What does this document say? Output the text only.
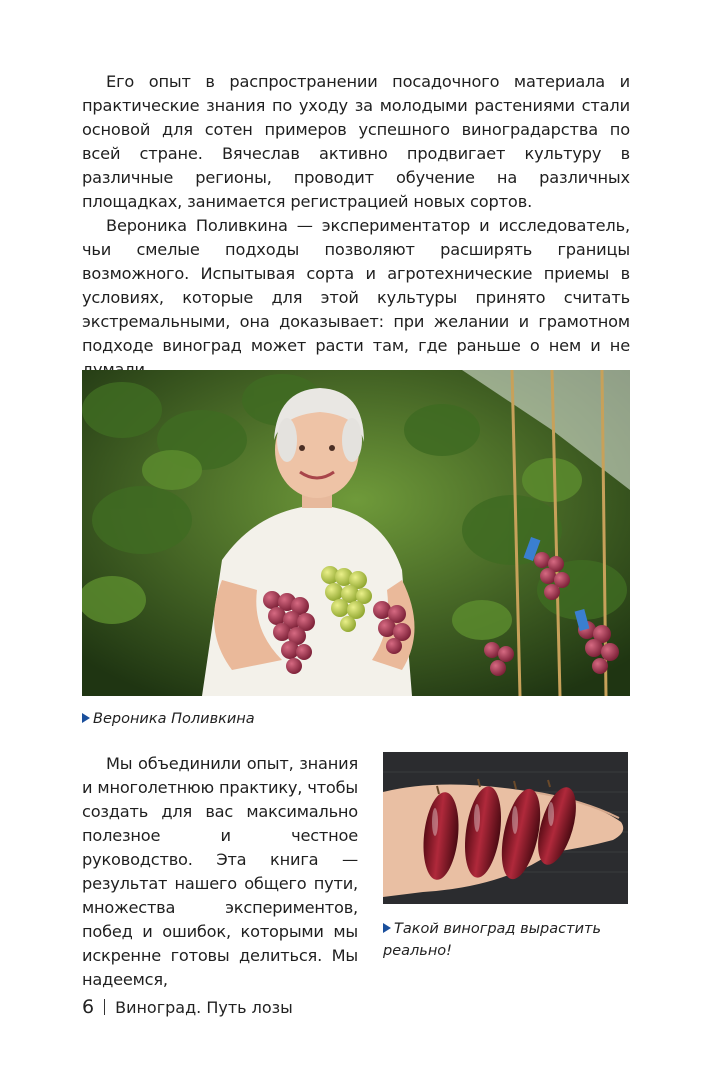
Его опыт в распространении посадочного материала и практические знания по уходу за молодыми растениями стали основой для сотен примеров успешного виноградарства по всей стране. Вячеслав активно продвигает культуру в различные регионы, проводит обучение на различных площадках, занимается регистрацией новых сортов.

Вероника Поливкина — экспериментатор и исследователь, чьи смелые подходы позволяют расширять границы возможного. Испытывая сорта и агротехнические приемы в условиях, которые для этой культуры принято считать экстремальными, она доказывает: при желании и грамотном подходе виноград может расти там, где раньше о нем и не

Вероника Поливкина

Мы объединили опыт, знания и многолетнюю практику, чтобы создать для вас максимально полезное и честное руководство. Эта книга — результат нашего общего пути, множества экспериментов, побед и ошибок, которыми мы искренне готовы делиться. Мы надеемся,

Такой виноград вырастить реально!

6 Виноград. Путь лозы
